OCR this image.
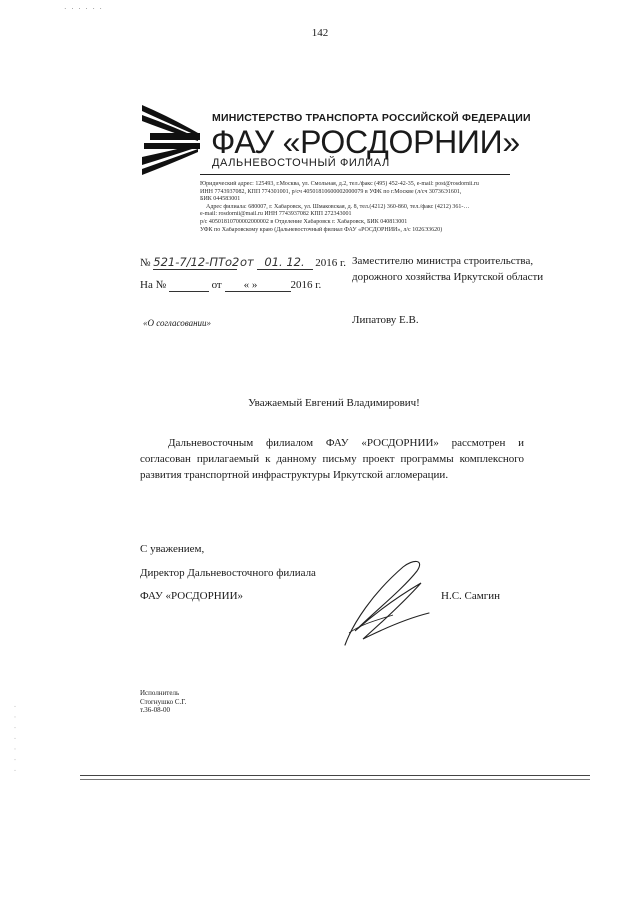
. . . . . .
142
МИНИСТЕРСТВО ТРАНСПОРТА РОССИЙСКОЙ ФЕДЕРАЦИИ
ФАУ «РОСДОРНИИ»
ДАЛЬНЕВОСТОЧНЫЙ ФИЛИАЛ
Юридический адрес: 125493, г.Москва, ул. Смольная, д.2, тел./факс (495) 452-42-35, e-mail: post@rosdornii.ru
ИНН 7743937082, КПП 774301001, р/сч 40501810600002000079 в УФК по г.Москве (л/сч 30736Э1601,
БИК 044583001
Адрес филиала: 680007, г. Хабаровск, ул. Шмаковская, д. 8, тел.(4212) 360-860, тел./факс (4212) 361-…
e-mail: rosdornii@mail.ru ИНН 7743937082 КПП 272343001
р/с 40501810700002000002 в Отделение Хабаровск г. Хабаровск, БИК 040813001
УФК по Хабаровскому краю (Дальневосточный филиал ФАУ «РОСДОРНИИ», л/с 1026Э3620)
№ 521-7/12-ПТо2 от 01. 12. 2016 г.
На №	от « »	2016 г.
«О согласовании»
Заместителю министра строительства, дорожного хозяйства Иркутской области
Липатову Е.В.
Уважаемый Евгений Владимирович!
Дальневосточным филиалом ФАУ «РОСДОРНИИ» рассмотрен и согласован прилагаемый к данному письму проект программы комплексного развития транспортной инфраструктуры Иркутской агломерации.
С уважением,
Директор Дальневосточного филиала
ФАУ «РОСДОРНИИ»	Н.С. Самгин
Исполнитель
Стогнушко С.Г.
т.36-08-00
· · · · · · ·
